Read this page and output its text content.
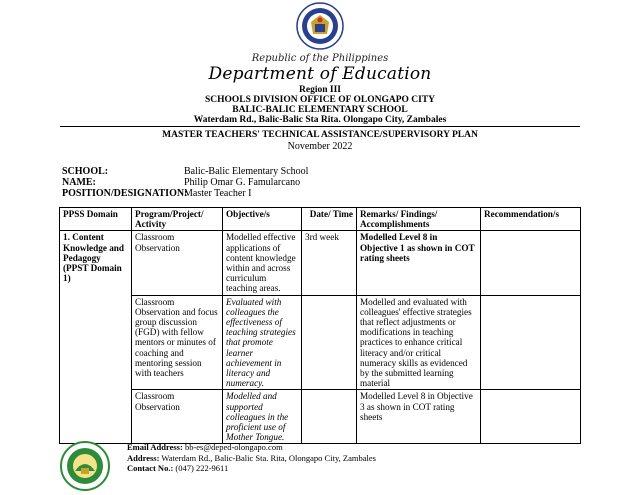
Republic of the Philippines
Department of Education
Region III
SCHOOLS DIVISION OFFICE OF OLONGAPO CITY
BALIC-BALIC ELEMENTARY SCHOOL
Waterdam Rd., Balic-Balic Sta Rita. Olongapo City, Zambales
MASTER TEACHERS' TECHNICAL ASSISTANCE/SUPERVISORY PLAN
November 2022
SCHOOL:	Balic-Balic Elementary School
NAME:	Philip Omar G. Famularcano
POSITION/DESIGNATION:
Master Teacher I
PPSS Domain	Program/Project/ Activity	Objective/s	Date/ Time	Remarks/ Findings/ Accomplishments	Recommendation/s
1. Content Knowledge and Pedagogy (PPST Domain 1)	Classroom Observation	Modelled effective applications of content knowledge within and across curriculum teaching areas.	3rd week	Modelled Level 8 in Objective 1 as shown in COT rating sheets	
	Classroom Observation and focus group discussion (FGD) with fellow mentors or minutes of coaching and mentoring session with teachers	Evaluated with colleagues the effectiveness of teaching strategies that promote learner achievement in literacy and numeracy.		Modelled and evaluated with colleagues' effective strategies that reflect adjustments or modifications in teaching practices to enhance critical literacy and/or critical numeracy skills as evidenced by the submitted learning material	
	Classroom Observation	Modelled and supported colleagues in the proficient use of Mother Tongue.		Modelled Level 8 in Objective 3 as shown in COT rating sheets	
Email Address: bb-es@deped-olongapo.com
Address: Waterdam Rd., Balic-Balic Sta. Rita, Olongapo City, Zambales
Contact No.: (047) 222-9611
